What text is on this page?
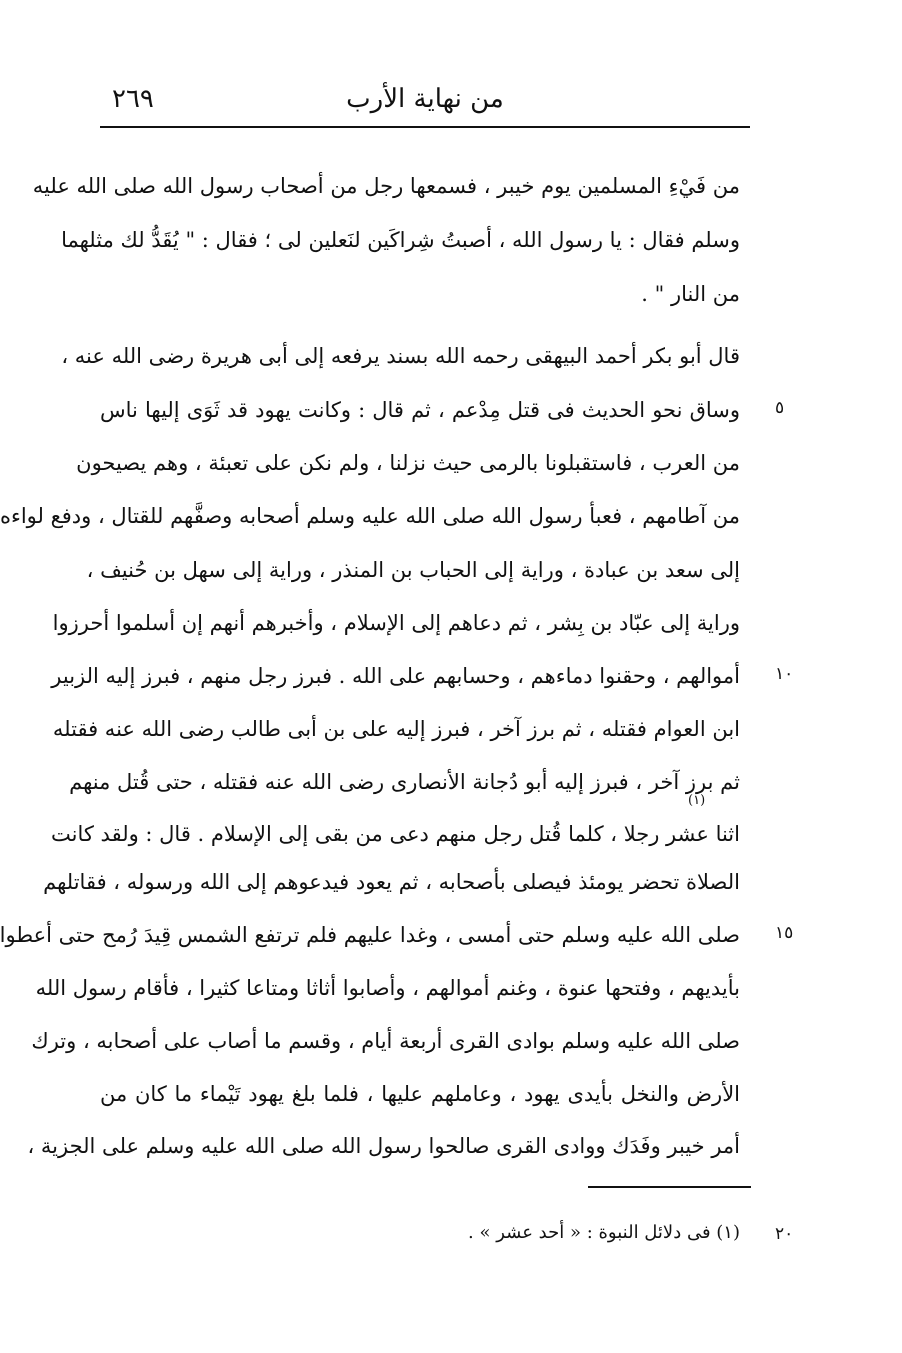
من نهاية الأرب
٢٦٩
من فَيْءِ المسلمين يوم خيبر ، فسمعها رجل من أصحاب رسول الله صلى الله عليه
وسلم فقال : يا رسول الله ، أصبتُ شِراكَين لنَعلين لى ؛ فقال : " يُقَدُّ لك مثلهما
من النار " .
قال أبو بكر أحمد البيهقى رحمه الله بسند يرفعه إلى أبى هريرة رضى الله عنه ،
وساق نحو الحديث فى قتل مِدْعم ، ثم قال : وكانت يهود قد ثَوَى إليها ناس
من العرب ، فاستقبلونا بالرمى حيث نزلنا ، ولم نكن على تعبئة ، وهم يصيحون
من آطامهم ، فعبأ رسول الله صلى الله عليه وسلم أصحابه وصفَّهم للقتال ، ودفع لواءه
إلى سعد بن عبادة ، وراية إلى الحباب بن المنذر ، وراية إلى سهل بن حُنيف ،
وراية إلى عبّاد بن بِشر ، ثم دعاهم إلى الإسلام ، وأخبرهم أنهم إن أسلموا أحرزوا
أموالهم ، وحقنوا دماءهم ، وحسابهم على الله . فبرز رجل منهم ، فبرز إليه الزبير
ابن العوام فقتله ، ثم برز آخر ، فبرز إليه على بن أبى طالب رضى الله عنه فقتله
ثم برز آخر ، فبرز إليه أبو دُجانة الأنصارى رضى الله عنه فقتله ، حتى قُتل منهم
اثنا عشر رجلا ، كلما قُتل رجل منهم دعى من بقى إلى الإسلام . قال : ولقد كانت
الصلاة تحضر يومئذ فيصلى بأصحابه ، ثم يعود فيدعوهم إلى الله ورسوله ، فقاتلهم
صلى الله عليه وسلم حتى أمسى ، وغدا عليهم فلم ترتفع الشمس قِيدَ رُمح حتى أعطوا
بأيديهم ، وفتحها عنوة ، وغنم أموالهم ، وأصابوا أثاثا ومتاعا كثيرا ، فأقام رسول الله
صلى الله عليه وسلم بوادى القرى أربعة أيام ، وقسم ما أصاب على أصحابه ، وترك
الأرض والنخل بأيدى يهود ، وعاملهم عليها ، فلما بلغ يهود تَيْماء ما كان من
أمر خيبر وفَدَك ووادى القرى صالحوا رسول الله صلى الله عليه وسلم على الجزية ،
(١)
٥
١٠
١٥
٢٠
(١) فى دلائل النبوة : « أحد عشر » .
